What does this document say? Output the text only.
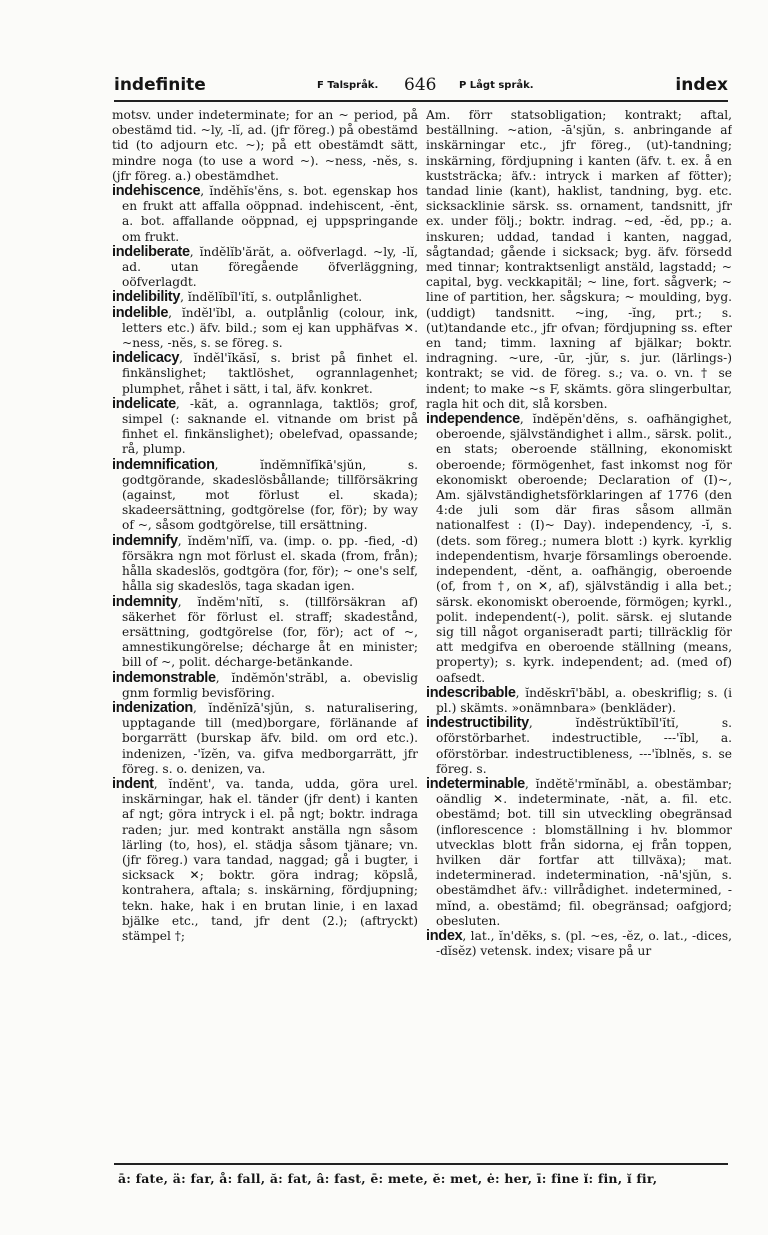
indefinite	F Talspråk. 646 P Lågt språk.	index

motsv. under indeterminate; for an ~ period, på obestämd tid. ~ly, -lĭ, ad. (jfr föreg.) på obestämd tid (to adjourn etc. ~); på ett obestämdt sätt, mindre noga (to use a word ~). ~ness, -nĕs, s. (jfr föreg. a.) obestämdhet.

indehiscence, ĭndĕhĭs'ĕns, s. bot. egenskap hos en frukt att affalla oöppnad. indehiscent, -ĕnt, a. bot. affallande oöppnad, ej uppspringande om frukt.

indeliberate, ĭndĕlĭb'ărăt, a. oöfverlagd. ~ly, -lĭ, ad. utan föregående öfverläggning, oöfverlagdt.

indelibility, ĭndĕlĭbĭl'ĭtĭ, s. outplånlighet.

indelible, ĭndĕl'ĭbl, a. outplånlig (colour, ink, letters etc.) äfv. bild.; som ej kan upphäfvas ✕. ~ness, -nĕs, s. se föreg. s.

indelicacy, ĭndĕl'ĭkăsĭ, s. brist på finhet el. finkänslighet; taktlöshet, ogrannlagenhet; plumphet, råhet i sätt, i tal, äfv. konkret.

indelicate, -kăt, a. ogrannlaga, taktlös; grof, simpel (: saknande el. vitnande om brist på finhet el. finkänslighet); obelefvad, opassande; rå, plump.

indemnification, ĭndĕmnĭfĭkā'sjŭn, s. godtgörande, skadeslösbållande; tillförsäkring (against, mot förlust el. skada); skadeersättning, godtgörelse (for, för); by way of ~, såsom godtgörelse, till ersättning.

indemnify, ĭndĕm'nĭfĭ, va. (imp. o. pp. -fied, -d) försäkra ngn mot förlust el. skada (from, från); hålla skadeslös, godtgöra (for, för); ~ one's self, hålla sig skadeslös, taga skadan igen.

indemnity, ĭndĕm'nĭtĭ, s. (tillförsäkran af) säkerhet för förlust el. straff; skadestånd, ersättning, godtgörelse (for, för); act of ~, amnestikungörelse; décharge åt en minister; bill of ~, polit. décharge-betänkande.

indemonstrable, ĭndĕmŏn'străbl, a. obevislig gnm formlig bevisföring.

indenization, ĭndĕnĭzā'sjŭn, s. naturalisering, upptagande till (med)borgare, förlänande af borgarrätt (burskap äfv. bild. om ord etc.). indenizen, -'ĭzĕn, va. gifva medborgarrätt, jfr föreg. s. o. denizen, va.

indent, ĭndĕnt', va. tanda, udda, göra urel. inskärningar, hak el. tänder (jfr dent) i kanten af ngt; göra intryck i el. på ngt; boktr. indraga raden; jur. med kontrakt anställa ngn såsom lärling (to, hos), el. städja såsom tjänare; vn. (jfr föreg.) vara tandad, naggad; gå i bugter, i sicksack ✕; boktr. göra indrag; köpslå, kontrahera, aftala; s. inskärning, fördjupning; tekn. hake, hak i en brutan linie, i en laxad bjälke etc., tand, jfr dent (2.); (aftryckt) stämpel †;

Am. förr statsobligation; kontrakt; aftal, beställning. ~ation, -ā'sjŭn, s. anbringande af inskärningar etc., jfr föreg., (ut)-tandning; inskärning, fördjupning i kanten (äfv. t. ex. å en kuststräcka; äfv.: intryck i marken af fötter); tandad linie (kant), haklist, tandning, byg. etc. sicksacklinie särsk. ss. ornament, tandsnitt, jfr ex. under följ.; boktr. indrag. ~ed, -ĕd, pp.; a. inskuren; uddad, tandad i kanten, naggad, sågtandad; gående i sicksack; byg. äfv. försedd med tinnar; kontraktsenligt anstäld, lagstadd; ~ capital, byg. veckkapitäl; ~ line, fort. sågverk; ~ line of partition, her. sågskura; ~ moulding, byg. (uddigt) tandsnitt. ~ing, -ĭng, prt.; s. (ut)tandande etc., jfr ofvan; fördjupning ss. efter en tand; timm. laxning af bjälkar; boktr. indragning. ~ure, -ūr, -jŭr, s. jur. (lärlings-) kontrakt; se vid. de föreg. s.; va. o. vn. † se indent; to make ~s F, skämts. göra slingerbultar, ragla hit och dit, slå korsben.

independence, ĭndĕpĕn'dĕns, s. oafhängighet, oberoende, självständighet i allm., särsk. polit., en stats; oberoende ställning, ekonomiskt oberoende; förmögenhet, fast inkomst nog för ekonomiskt oberoende; Declaration of (I)~, Am. självständighetsförklaringen af 1776 (den 4:de juli som där firas såsom allmän nationalfest : (I)~ Day). independency, -ĭ, s. (dets. som föreg.; numera blott :) kyrk. kyrklig independentism, hvarje församlings oberoende. independent, -dĕnt, a. oafhängig, oberoende (of, from †, on ✕, af), självständig i alla bet.; särsk. ekonomiskt oberoende, förmögen; kyrkl., polit. independent(-), polit. särsk. ej slutande sig till något organiseradt parti; tillräcklig för att medgifva en oberoende ställning (means, property); s. kyrk. independent; ad. (med of) oafsedt.

indescribable, ĭndĕskrī'băbl, a. obeskriflig; s. (i pl.) skämts. »onämnbara» (benkläder).

indestructibility, ĭndĕstrŭktĭbĭl'ĭtĭ, s. oförstörbarhet. indestructible, ---'ĭbl, a. oförstörbar. indestructibleness, ---'ĭblnĕs, s. se föreg. s.

indeterminable, ĭndĕtĕ'rmĭnăbl, a. obestämbar; oändlig ✕. indeterminate, -năt, a. fil. etc. obestämd; bot. till sin utveckling obegränsad (inflorescence : blomställning i hv. blommor utvecklas blott från sidorna, ej från toppen, hvilken där fortfar att tillväxa); mat. indeterminerad. indetermination, -nā'sjŭn, s. obestämdhet äfv.: villrådighet. indetermined, -mĭnd, a. obestämd; fil. obegränsad; oafgjord; obesluten.

index, lat., ĭn'dĕks, s. (pl. ~es, -ĕz, o. lat., -dices, -dĭsĕz) vetensk. index; visare på ur

ā: fate, ä: far, å: fall, ă: fat, â: fast, ē: mete, ĕ: met, ė: her, ī: fine ĭ: fin, ĭ fir,
